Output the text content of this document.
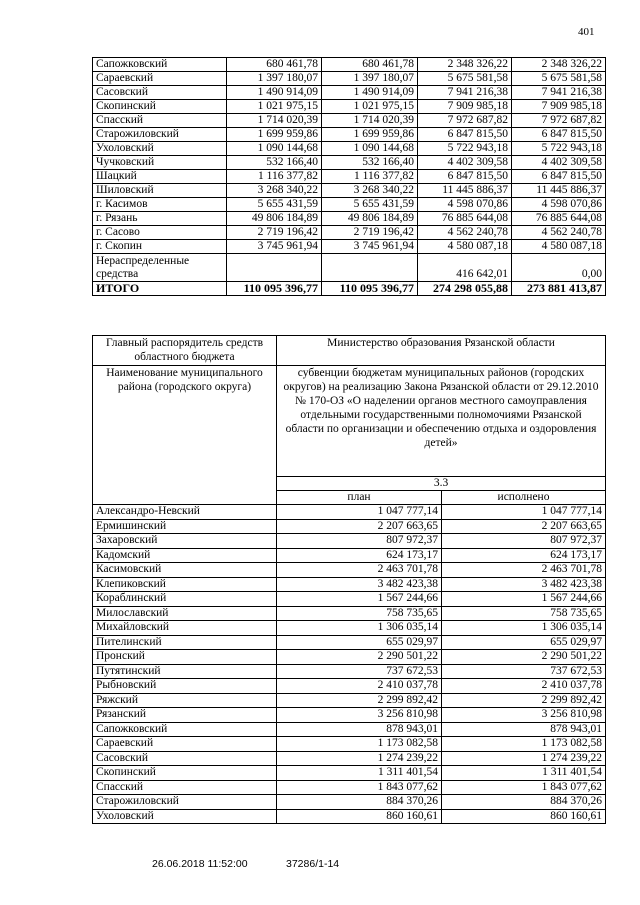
401
Сапожковский	680 461,78	680 461,78	2 348 326,22	2 348 326,22
Сараевский	1 397 180,07	1 397 180,07	5 675 581,58	5 675 581,58
Сасовский	1 490 914,09	1 490 914,09	7 941 216,38	7 941 216,38
Скопинский	1 021 975,15	1 021 975,15	7 909 985,18	7 909 985,18
Спасский	1 714 020,39	1 714 020,39	7 972 687,82	7 972 687,82
Старожиловский	1 699 959,86	1 699 959,86	6 847 815,50	6 847 815,50
Ухоловский	1 090 144,68	1 090 144,68	5 722 943,18	5 722 943,18
Чучковский	532 166,40	532 166,40	4 402 309,58	4 402 309,58
Шацкий	1 116 377,82	1 116 377,82	6 847 815,50	6 847 815,50
Шиловский	3 268 340,22	3 268 340,22	11 445 886,37	11 445 886,37
г. Касимов	5 655 431,59	5 655 431,59	4 598 070,86	4 598 070,86
г. Рязань	49 806 184,89	49 806 184,89	76 885 644,08	76 885 644,08
г. Сасово	2 719 196,42	2 719 196,42	4 562 240,78	4 562 240,78
г. Скопин	3 745 961,94	3 745 961,94	4 580 087,18	4 580 087,18
Нераспределенные средства			416 642,01	0,00
ИТОГО	110 095 396,77	110 095 396,77	274 298 055,88	273 881 413,87
Главный распорядитель средств областного бюджета	Министерство образования Рязанской области	
Наименование муниципального района (городского округа)	субвенции бюджетам муниципальных районов (городских округов) на реализацию Закона Рязанской области от 29.12.2010 № 170-ОЗ «О наделении органов местного самоуправления отдельными государственными полномочиями Рязанской области по организации и обеспечению отдыха и оздоровления детей»	
	3.3	
	план	исполнено
Александро-Невский	1 047 777,14	1 047 777,14
Ермишинский	2 207 663,65	2 207 663,65
Захаровский	807 972,37	807 972,37
Кадомский	624 173,17	624 173,17
Касимовский	2 463 701,78	2 463 701,78
Клепиковский	3 482 423,38	3 482 423,38
Кораблинский	1 567 244,66	1 567 244,66
Милославский	758 735,65	758 735,65
Михайловский	1 306 035,14	1 306 035,14
Пителинский	655 029,97	655 029,97
Пронский	2 290 501,22	2 290 501,22
Путятинский	737 672,53	737 672,53
Рыбновский	2 410 037,78	2 410 037,78
Ряжский	2 299 892,42	2 299 892,42
Рязанский	3 256 810,98	3 256 810,98
Сапожковский	878 943,01	878 943,01
Сараевский	1 173 082,58	1 173 082,58
Сасовский	1 274 239,22	1 274 239,22
Скопинский	1 311 401,54	1 311 401,54
Спасский	1 843 077,62	1 843 077,62
Старожиловский	884 370,26	884 370,26
Ухоловский	860 160,61	860 160,61
26.06.2018 11:52:00	37286/1-14
